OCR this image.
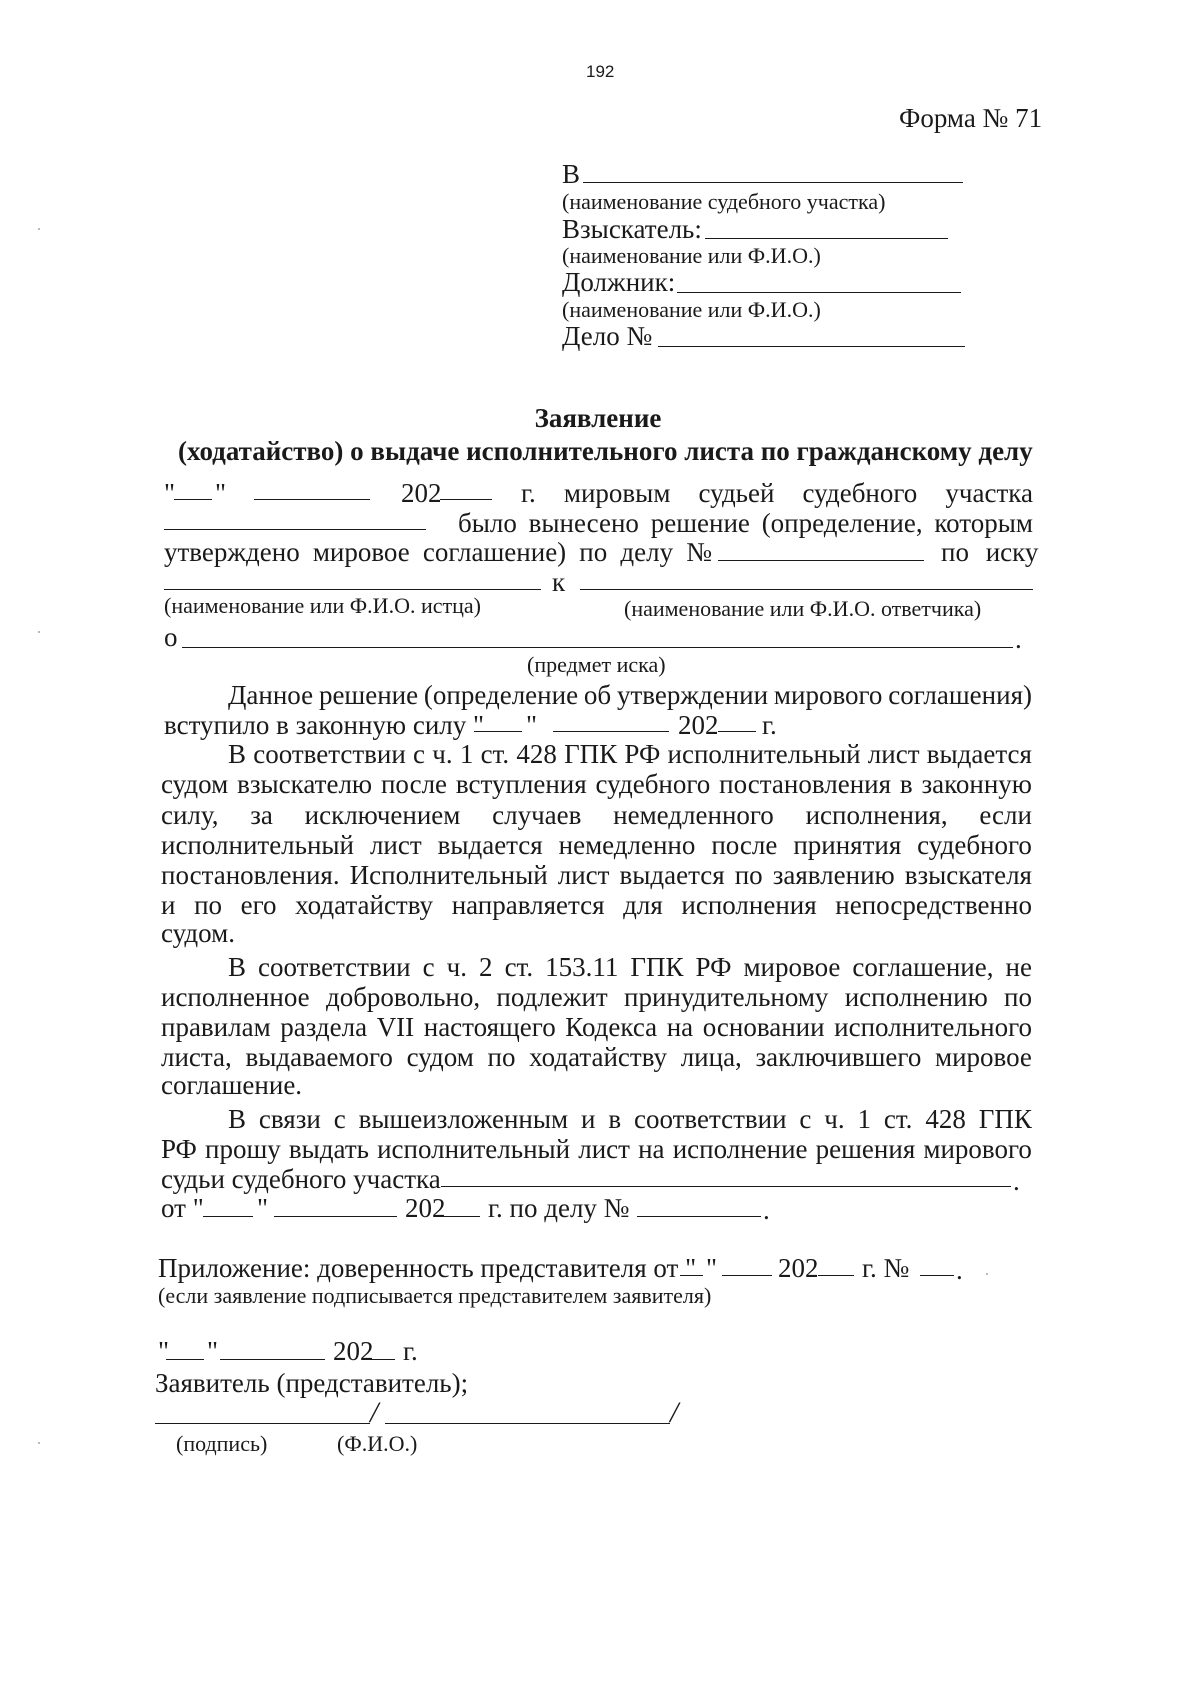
192
Форма № 71
В
(наименование судебного участка)
Взыскатель:
(наименование или Ф.И.О.)
Должник:
(наименование или Ф.И.О.)
Дело №
Заявление
(ходатайство) о выдаче исполнительного листа по гражданскому делу
" "	202	г. мировым судьей судебного участка
было вынесено решение (определение, которым
утверждено мировое соглашение) по делу №	по иску
к
(наименование или Ф.И.О. истца)	(наименование или Ф.И.О. ответчика)
о	.
(предмет иска)
Данное решение (определение об утверждении мирового соглашения)
вступило в законную силу " "	202 г.
В соответствии с ч. 1 ст. 428 ГПК РФ исполнительный лист выдается
судом взыскателю после вступления судебного постановления в законную
силу, за исключением случаев немедленного исполнения, если
исполнительный лист выдается немедленно после принятия судебного
постановления. Исполнительный лист выдается по заявлению взыскателя
и по его ходатайству направляется для исполнения непосредственно
судом.
В соответствии с ч. 2 ст. 153.11 ГПК РФ мировое соглашение, не
исполненное добровольно, подлежит принудительному исполнению по
правилам раздела VII настоящего Кодекса на основании исполнительного
листа, выдаваемого судом по ходатайству лица, заключившего мировое
соглашение.
В связи с вышеизложенным и в соответствии с ч. 1 ст. 428 ГПК
РФ прошу выдать исполнительный лист на исполнение решения мирового
судьи судебного участка	.
от " "	202 г. по делу №	.
Приложение: доверенность представителя от " " 202 г. № .
(если заявление подписывается представителем заявителя)
" "	202 г.
Заявитель (представитель);
/	/
(подпись)	(Ф.И.О.)
